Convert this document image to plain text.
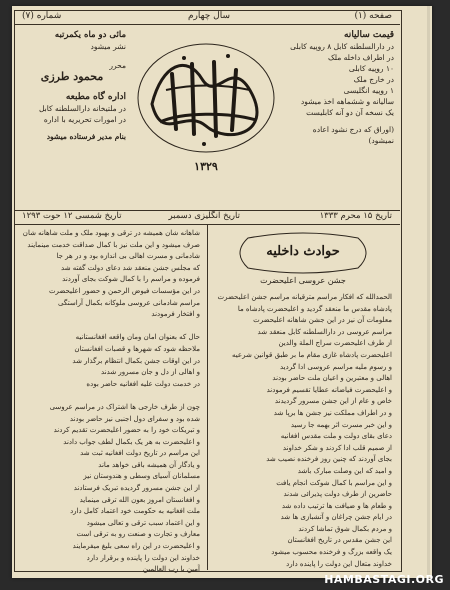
صفحه (۱)
سال چهارم
شماره (۷)
مائی دو ماه یکمرتبه
نشر میشود
محرر
محمود طرزی
اداره گاه مطبعه
در ملتیخانه دارالسلطنه کابل
در امورات تحریریه با اداره
بنام مدیر فرستاده میشود
۱۳۲۹
قیمت سالیانه
در دارالسلطنه کابل ۸ روپیه کابلی
در اطراف داخله ملک
۱۰ روپیه کابلی
در خارج ملک
۱ روپیه انگلیسی
سالیانه و ششماهه اخذ میشود
یک نسخه آن دو آنه کابلیست
(اوراق که درج نشود اعاده نمیشود)
تاریخ ۱۵ محرم ۱۳۳۳
تاریخ انگلیزی دسمبر
تاریخ شمسی ۱۲ حوت ۱۲۹۳
حوادث داخلیه
جشن عروسی اعلیحضرت
الحمدالله که افکار مراسم مترقیانه مراسم جشن اعلیحضرت
پادشاه مقدس ما منعقد گردید و اعلیحضرت پادشاه ما
معلومات آن نیز در این جشن شاهانه اعلیحضرت
مراسم عروسی در دارالسلطنه کابل منعقد شد
از طرف اعلیحضرت سراج الملة والدین
اعلیحضرت پادشاه غازی مقام ما بر طبق قوانین شرعیه
و رسوم ملیه مراسم عروسی ادا گردید
اهالی و معتبرین و اعیان ملت حاضر بودند
و اعلیحضرت فیاضانه عطایا تقسیم فرمودند
خاص و عام از این جشن مسرور گردیدند
و در اطراف مملکت نیز جشن ها برپا شد
و این خبر مسرت اثر بهمه جا رسید
دعای بقای دولت و ملت مقدس افغانیه
از صمیم قلب ادا کردند و شکر خداوند
بجای آوردند که چنین روز فرخنده نصیب شد
و امید که این وصلت مبارک باشد
و این مراسم با کمال شوکت انجام یافت
حاضرین از طرف دولت پذیرائی شدند
و طعام ها و ضیافت ها ترتیب داده شد
در ایام جشن چراغان و آتشبازی ها شد
و مردم بکمال شوق تماشا کردند
این جشن مقدس در تاریخ افغانستان
یک واقعه بزرگ و فرخنده محسوب میشود
خداوند متعال این دولت را پاینده دارد
شاهانه شان همیشه در ترقی و بهبود ملک و ملت شاهانه شان
صرف میشود و این ملت نیز با کمال صداقت خدمت مینمایند
شادمانی و مسرت اهالی بی اندازه بود و در هر جا
که مجلس جشن منعقد شد دعای دولت گفته شد
فرموده و مراسم را با کمال شوکت بجای آوردند
در این مؤسسات فیوض الرحمن و حضور اعلیحضرت
مراسم شادمانی عروسی ملوکانه بکمال آراستگی
و افتخار فرمودند

حال که بعنوان امان ومان واقعه افغانستانیه
ملاحظه شود که شهرها و قصبات افغانستان
در این اوقات جشن بکمال انتظام برگذار شد
و اهالی از دل و جان مسرور شدند
در خدمت دولت علیه افغانیه حاضر بوده

چون از طرف خارجی ها اشتراک در مراسم عروسی
شده بود و سفرای دول اجنبی نیز حاضر بودند
و تبریکات خود را به حضور اعلیحضرت تقدیم کردند
و اعلیحضرت به هر یک بکمال لطف جواب دادند
این مراسم در تاریخ دولت افغانیه ثبت شد
و یادگار آن همیشه باقی خواهد ماند
مسلمانان آسیای وسطی و هندوستان نیز
از این جشن مسرور گردیده تبریک فرستادند
و افغانستان امروز بعون الله ترقی مینماید
ملت افغانیه به حکومت خود اعتماد کامل دارد
و این اعتماد سبب ترقی و تعالی میشود
معارف و تجارت و صنعت رو به ترقی است
و اعلیحضرت در این راه سعی بلیغ میفرمایند
خداوند این دولت را پاینده و برقرار دارد
آمین یا رب العالمین
HAMBASTAGI.ORG
